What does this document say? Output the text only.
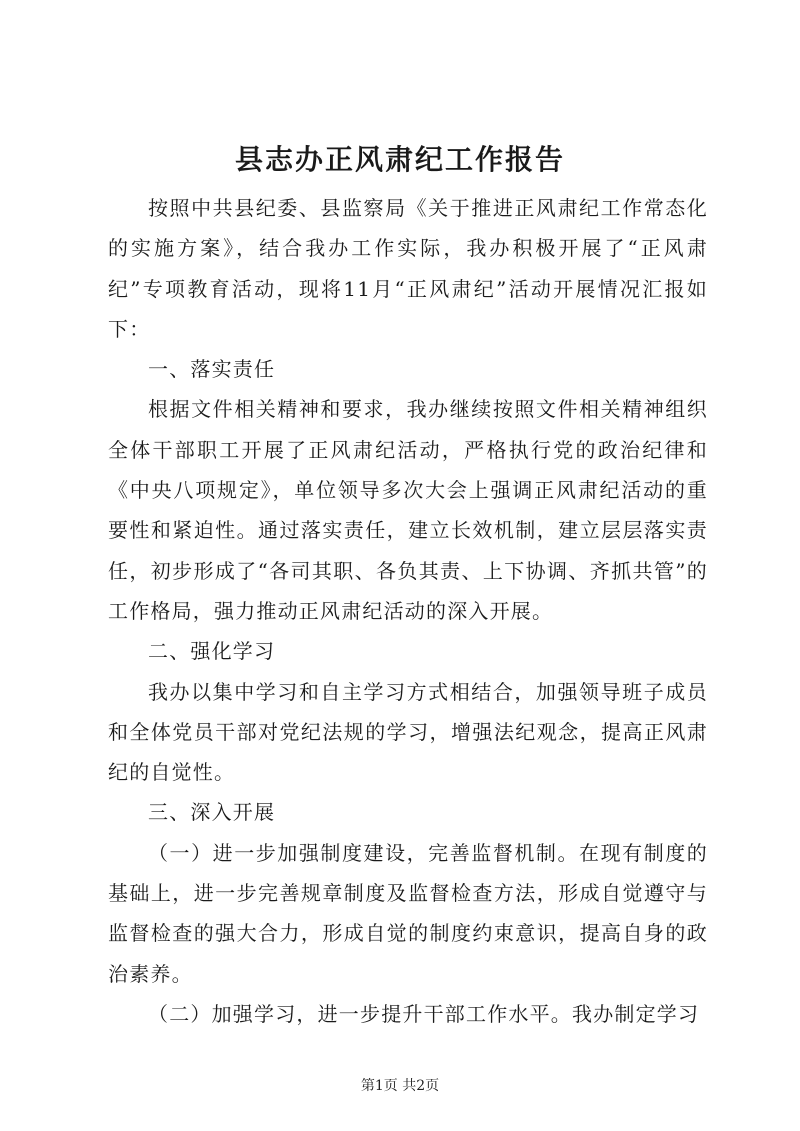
县志办正风肃纪工作报告

按照中共县纪委、县监察局《关于推进正风肃纪工作常态化的实施方案》，结合我办工作实际，我办积极开展了“正风肃纪”专项教育活动，现将11月“正风肃纪”活动开展情况汇报如下：

一、落实责任

根据文件相关精神和要求，我办继续按照文件相关精神组织全体干部职工开展了正风肃纪活动，严格执行党的政治纪律和《中央八项规定》，单位领导多次大会上强调正风肃纪活动的重要性和紧迫性。通过落实责任，建立长效机制，建立层层落实责任，初步形成了“各司其职、各负其责、上下协调、齐抓共管”的工作格局，强力推动正风肃纪活动的深入开展。

二、强化学习

我办以集中学习和自主学习方式相结合，加强领导班子成员和全体党员干部对党纪法规的学习，增强法纪观念，提高正风肃纪的自觉性。

三、深入开展

（一）进一步加强制度建设，完善监督机制。在现有制度的基础上，进一步完善规章制度及监督检查方法，形成自觉遵守与监督检查的强大合力，形成自觉的制度约束意识，提高自身的政治素养。

（二）加强学习，进一步提升干部工作水平。我办制定学习

第1页 共2页
